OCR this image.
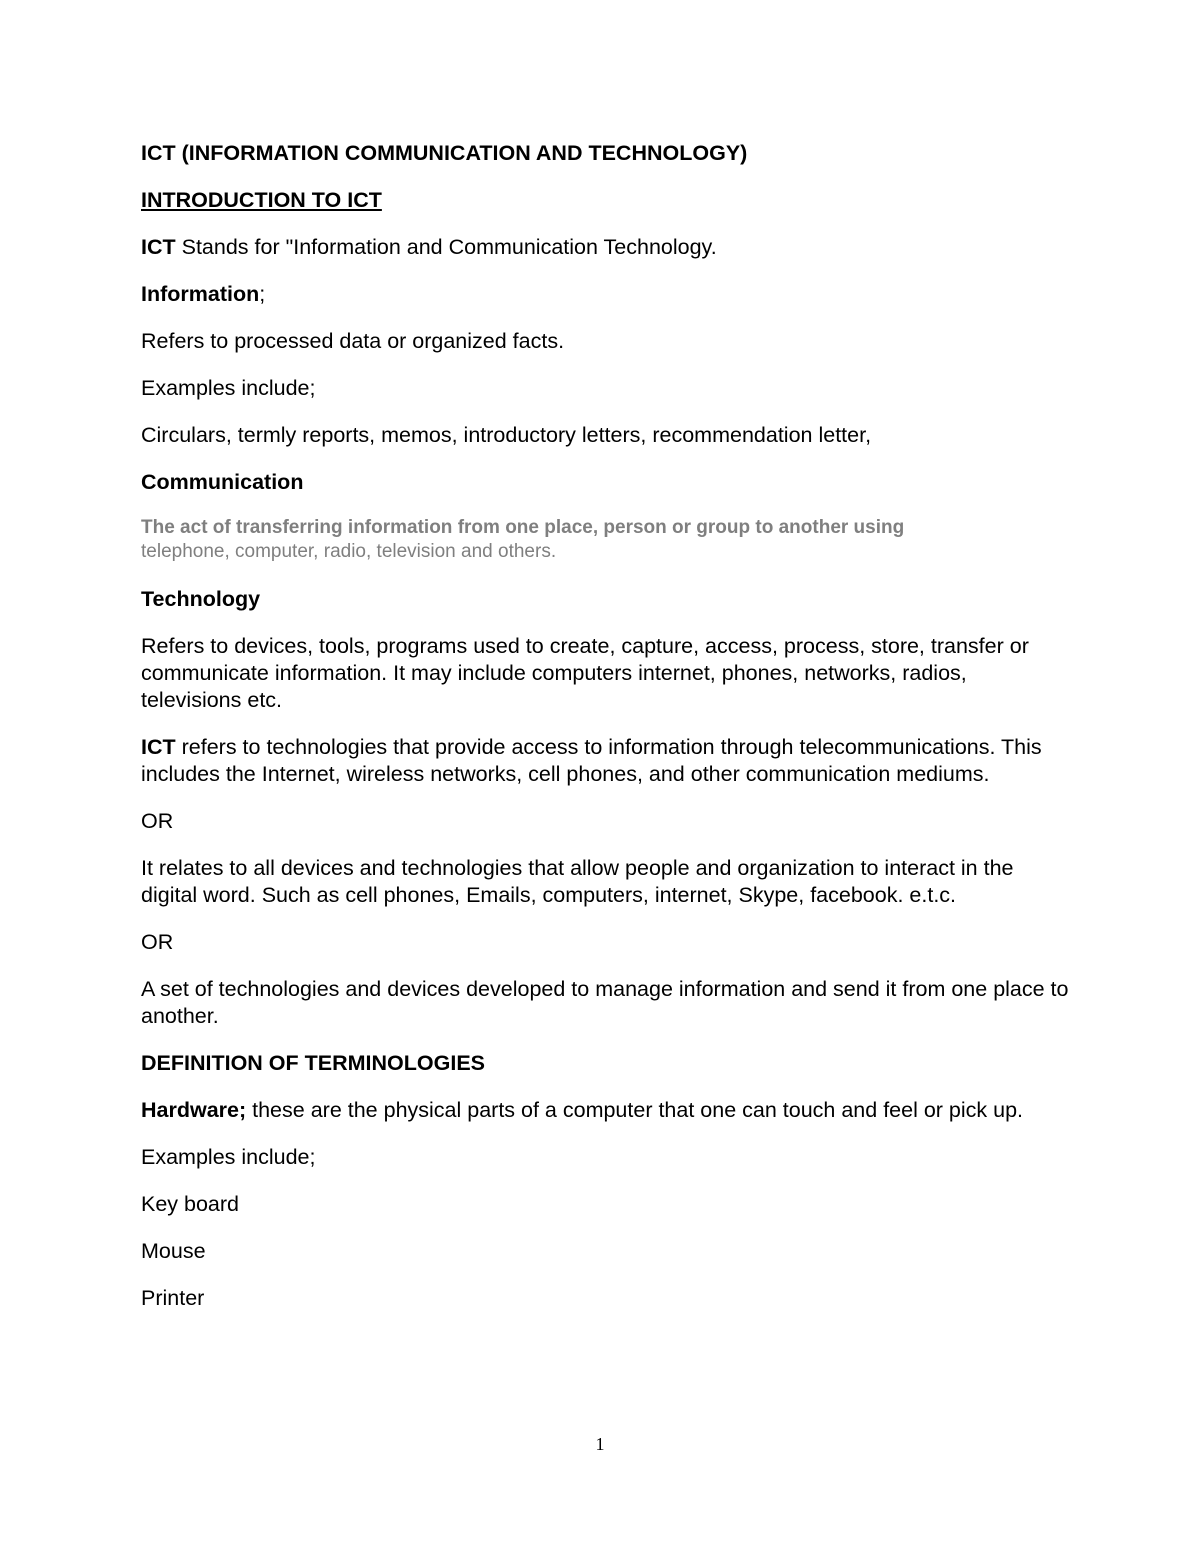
ICT (INFORMATION COMMUNICATION AND TECHNOLOGY)

INTRODUCTION TO ICT

ICT Stands for "Information and Communication Technology.

Information;

Refers to processed data or organized facts.

Examples include;

Circulars, termly reports, memos, introductory letters, recommendation letter,

Communication

The act of transferring information from one place, person or group to another using
telephone, computer, radio, television and others.

Technology

Refers to devices, tools, programs used to create, capture, access, process, store, transfer or communicate information. It may include computers internet, phones, networks, radios, televisions etc.

ICT refers to technologies that provide access to information through telecommunications. This includes the Internet, wireless networks, cell phones, and other communication mediums.

OR

It relates to all devices and technologies that allow people and organization to interact in the digital word. Such as cell phones, Emails, computers, internet, Skype, facebook. e.t.c.

OR

A set of technologies and devices developed to manage information and send it from one place to another.

DEFINITION OF TERMINOLOGIES

Hardware; these are the physical parts of a computer that one can touch and feel or pick up.

Examples include;

Key board

Mouse

Printer

1
